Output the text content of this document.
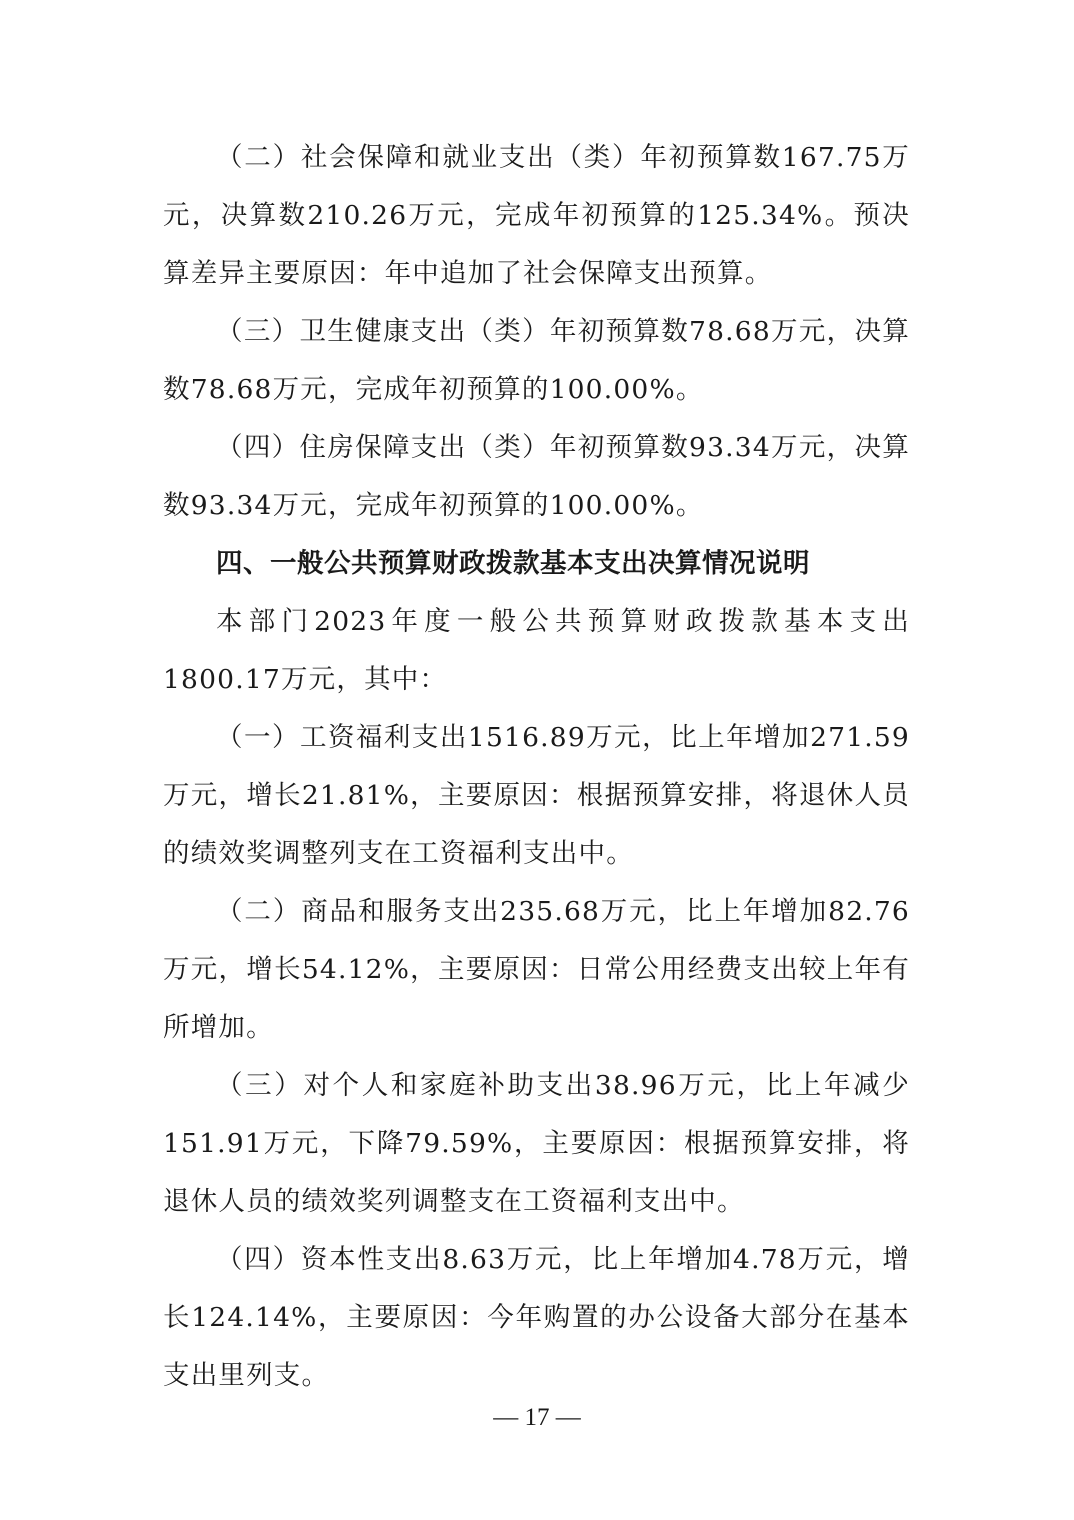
（二）社会保障和就业支出（类）年初预算数167.75万元，决算数210.26万元，完成年初预算的125.34%。预决算差异主要原因：年中追加了社会保障支出预算。

（三）卫生健康支出（类）年初预算数78.68万元，决算数78.68万元，完成年初预算的100.00%。

（四）住房保障支出（类）年初预算数93.34万元，决算数93.34万元，完成年初预算的100.00%。

四、一般公共预算财政拨款基本支出决算情况说明

本部门2023年度一般公共预算财政拨款基本支出1800.17万元，其中：

（一）工资福利支出1516.89万元，比上年增加271.59万元，增长21.81%，主要原因：根据预算安排，将退休人员的绩效奖调整列支在工资福利支出中。

（二）商品和服务支出235.68万元，比上年增加82.76万元，增长54.12%，主要原因：日常公用经费支出较上年有所增加。

（三）对个人和家庭补助支出38.96万元，比上年减少151.91万元，下降79.59%，主要原因：根据预算安排，将退休人员的绩效奖列调整支在工资福利支出中。

（四）资本性支出8.63万元，比上年增加4.78万元，增长124.14%，主要原因：今年购置的办公设备大部分在基本支出里列支。

— 17 —
